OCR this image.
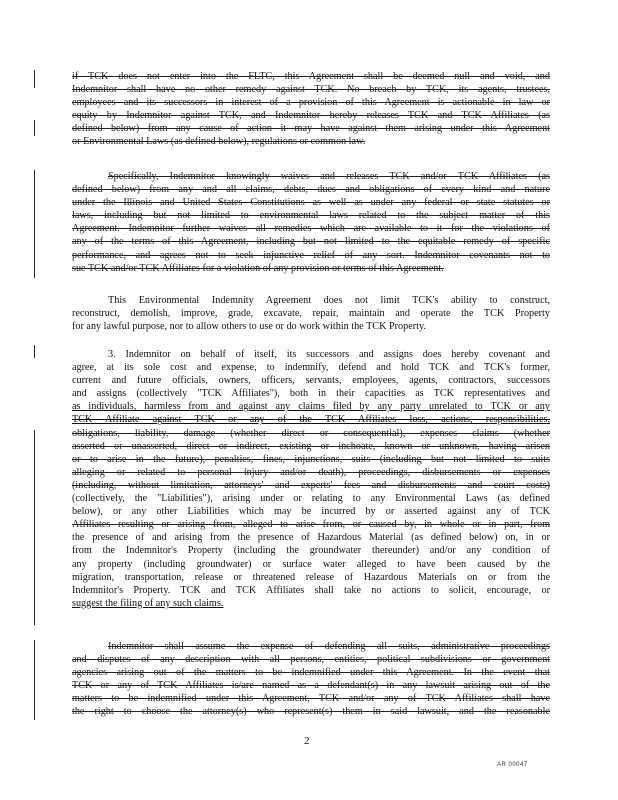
if TCK does not enter into the FLTC, this Agreement shall be deemed null and void, and
Indemnitor shall have no other remedy against TCK. No breach by TCK, its agents, trustees,
employees and its successors in interest of a provision of this Agreement is actionable in law or
equity by Indemnitor against TCK, and Indemnitor hereby releases TCK and TCK Affiliates (as
defined below) from any cause of action it may have against them arising under this Agreement
or Environmental Laws (as defined below), regulations or common law.
Specifically, Indemnitor knowingly waives and releases TCK and/or TCK Affiliates (as
defined below) from any and all claims, debts, dues and obligations of every kind and nature
under the Illinois and United States Constitutions as well as under any federal or state statutes or
laws, including but not limited to environmental laws related to the subject matter of this
Agreement. Indemnitor further waives all remedies which are available to it for the violations of
any of the terms of this Agreement, including but not limited to the equitable remedy of specific
performance, and agrees not to seek injunctive relief of any sort. Indemnitor covenants not to
sue TCK and/or TCK Affiliates for a violation of any provision or terms of this Agreement.
This Environmental Indemnity Agreement does not limit TCK's ability to construct,
reconstruct, demolish, improve, grade, excavate, repair, maintain and operate the TCK Property
for any lawful purpose, nor to allow others to use or do work within the TCK Property.
3. Indemnitor on behalf of itself, its successors and assigns does hereby covenant and
agree, at its sole cost and expense, to indemnify, defend and hold TCK and TCK's former,
current and future officials, owners, officers, servants, employees, agents, contractors, successors
and assigns (collectively "TCK Affiliates"), both in their capacities as TCK representatives and
as individuals, harmless from and against any claims filed by any party unrelated to TCK or any
TCK Affiliate against TCK or any of the TCK Affiliates loss, actions, responsibilities,
obligations, liability, damage (whether direct or consequential), expenses claims (whether
asserted or unasserted, direct or indirect, existing or inchoate, known or unknown, having arisen
or to arise in the future), penalties, fines, injunctions, suits (including but not limited to suits
alleging or related to personal injury and/or death), proceedings, disbursements or expenses
(including, without limitation, attorneys' and experts' fees and disbursements and court costs)
(collectively, the "Liabilities"), arising under or relating to any Environmental Laws (as defined
below), or any other Liabilities which may be incurred by or asserted against any of TCK
Affiliates resulting or arising from, alleged to arise from, or caused by, in whole or in part, from
the presence of and arising from the presence of Hazardous Material (as defined below) on, in or
from the Indemnitor's Property (including the groundwater thereunder) and/or any condition of
any property (including groundwater) or surface water alleged to have been caused by the
migration, transportation, release or threatened release of Hazardous Materials on or from the
Indemnitor's Property. TCK and TCK Affiliates shall take no actions to solicit, encourage, or
suggest the filing of any such claims.
Indemnitor shall assume the expense of defending all suits, administrative proceedings
and disputes of any description with all persons, entities, political subdivisions or government
agencies arising out of the matters to be indemnified under this Agreement. In the event that
TCK or any of TCK Affiliates is/are named as a defendant(s) in any lawsuit arising out of the
matters to be indemnified under this Agreement, TCK and/or any of TCK Affiliates shall have
the right to choose the attorney(s) who represent(s) them in said lawsuit, and the reasonable
2
AR 00047
